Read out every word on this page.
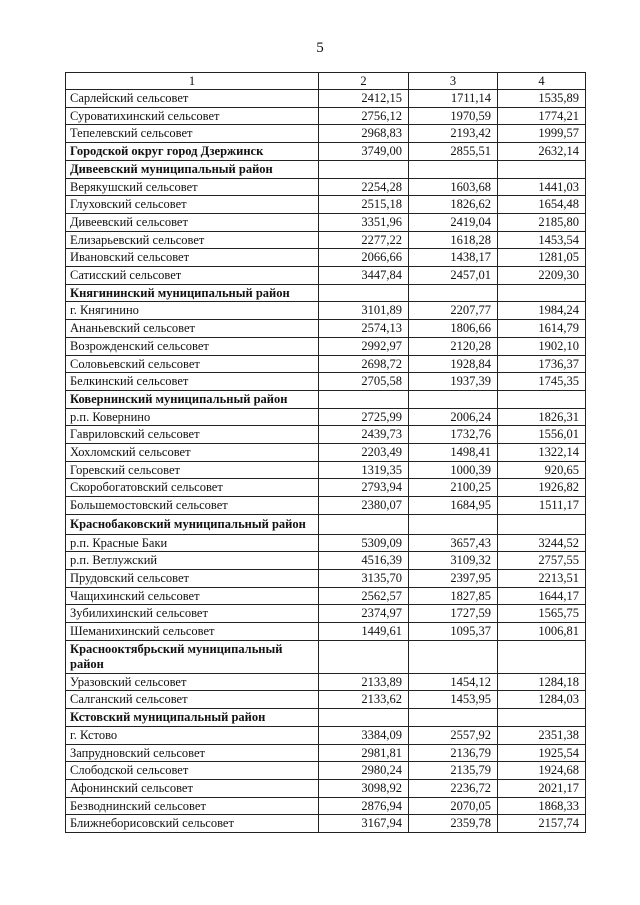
5
1	2	3	4
Сарлейский сельсовет	2412,15	1711,14	1535,89
Суроватихинский сельсовет	2756,12	1970,59	1774,21
Тепелевский сельсовет	2968,83	2193,42	1999,57
Городской округ город Дзержинск	3749,00	2855,51	2632,14
Дивеевский муниципальный район			
Верякушский сельсовет	2254,28	1603,68	1441,03
Глуховский сельсовет	2515,18	1826,62	1654,48
Дивеевский сельсовет	3351,96	2419,04	2185,80
Елизарьевский сельсовет	2277,22	1618,28	1453,54
Ивановский сельсовет	2066,66	1438,17	1281,05
Сатисский сельсовет	3447,84	2457,01	2209,30
Княгининский муниципальный район			
г. Княгинино	3101,89	2207,77	1984,24
Ананьевский сельсовет	2574,13	1806,66	1614,79
Возрожденский сельсовет	2992,97	2120,28	1902,10
Соловьевский сельсовет	2698,72	1928,84	1736,37
Белкинский сельсовет	2705,58	1937,39	1745,35
Ковернинский муниципальный район			
р.п. Ковернино	2725,99	2006,24	1826,31
Гавриловский сельсовет	2439,73	1732,76	1556,01
Хохломский сельсовет	2203,49	1498,41	1322,14
Горевский сельсовет	1319,35	1000,39	920,65
Скоробогатовский сельсовет	2793,94	2100,25	1926,82
Большемостовский сельсовет	2380,07	1684,95	1511,17
Краснобаковский муниципальный район			
р.п. Красные Баки	5309,09	3657,43	3244,52
р.п. Ветлужский	4516,39	3109,32	2757,55
Прудовский сельсовет	3135,70	2397,95	2213,51
Чащихинский сельсовет	2562,57	1827,85	1644,17
Зубилихинский сельсовет	2374,97	1727,59	1565,75
Шеманихинский сельсовет	1449,61	1095,37	1006,81
Краснооктябрьский муниципальный район			
Уразовский сельсовет	2133,89	1454,12	1284,18
Салганский сельсовет	2133,62	1453,95	1284,03
Кстовский муниципальный район			
г. Кстово	3384,09	2557,92	2351,38
Запрудновский сельсовет	2981,81	2136,79	1925,54
Слободской сельсовет	2980,24	2135,79	1924,68
Афонинский сельсовет	3098,92	2236,72	2021,17
Безводнинский сельсовет	2876,94	2070,05	1868,33
Ближнеборисовский сельсовет	3167,94	2359,78	2157,74
